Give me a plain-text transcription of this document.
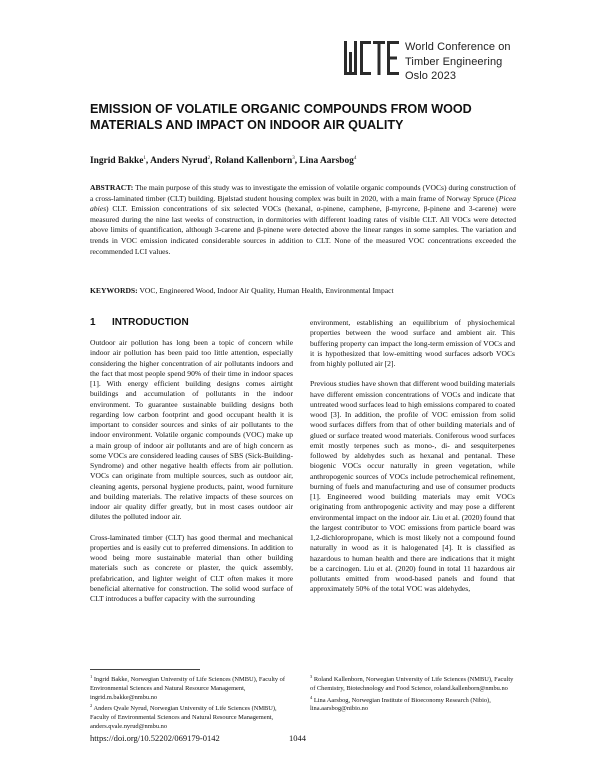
World Conference on
Timber Engineering
Oslo 2023
EMISSION OF VOLATILE ORGANIC COMPOUNDS FROM WOOD MATERIALS AND IMPACT ON INDOOR AIR QUALITY
Ingrid Bakke$^1$, Anders Nyrud$^2$, Roland Kallenborn$^3$, Lina Aarsbog$^4$
ABSTRACT: The main purpose of this study was to investigate the emission of volatile organic compounds (VOCs) during construction of a cross-laminated timber (CLT) building. Bjølstad student housing complex was built in 2020, with a main frame of Norway Spruce (Picea abies) CLT. Emission concentrations of six selected VOCs (hexanal, α-pinene, camphene, β-myrcene, β-pinene and 3-carene) were measured during the nine last weeks of construction, in dormitories with different loading rates of visible CLT. All VOCs were detected above limits of quantification, although 3-carene and β-pinene were detected above the linear ranges in some samples. The variation and trends in VOC emission indicated considerable sources in addition to CLT. None of the measured VOC concentrations exceeded the recommended LCI values.
KEYWORDS: VOC, Engineered Wood, Indoor Air Quality, Human Health, Environmental Impact
1 INTRODUCTION

Outdoor air pollution has long been a topic of concern while indoor air pollution has been paid too little attention, especially considering the higher concentration of air pollutants indoors and the fact that most people spend 90% of their time in indoor spaces [1]. With energy efficient building designs comes airtight buildings and accumulation of pollutants in the indoor environment. To guarantee sustainable building designs both regarding low carbon footprint and good occupant health it is important to consider sources and sinks of air pollutants to the indoor environment. Volatile organic compounds (VOC) make up a main group of indoor air pollutants and are of high concern as some VOCs are considered leading causes of SBS (Sick-Building-Syndrome) and other negative health effects from air pollution. VOCs can originate from multiple sources, such as outdoor air, cleaning agents, personal hygiene products, paint, wood furniture and building materials. The relative impacts of these sources on indoor air quality differ greatly, but in most cases outdoor air dilutes the polluted indoor air.

Cross-laminated timber (CLT) has good thermal and mechanical properties and is easily cut to preferred dimensions. In addition to wood being more sustainable material than other building materials such as concrete or plaster, the quick assembly, prefabrication, and lighter weight of CLT often makes it more beneficial alternative for construction. The solid wood surface of CLT introduces a buffer capacity with the surrounding

environment, establishing an equilibrium of physiochemical properties between the wood surface and ambient air. This buffering property can impact the long-term emission of VOCs and it is hypothesized that low-emitting wood surfaces adsorb VOCs from highly polluted air [2].

Previous studies have shown that different wood building materials have different emission concentrations of VOCs and indicate that untreated wood surfaces lead to high emissions compared to coated wood [3]. In addition, the profile of VOC emission from solid wood surfaces differs from that of other building materials and of glued or surface treated wood materials. Coniferous wood surfaces emit mostly terpenes such as mono-, di- and sesquiterpenes followed by aldehydes such as hexanal and pentanal. These biogenic VOCs occur naturally in green vegetation, while anthropogenic sources of VOCs include petrochemical refinement, burning of fuels and manufacturing and use of consumer products [1]. Engineered wood building materials may emit VOCs originating from anthropogenic activity and may pose a different environmental impact on the indoor air. Liu et al. (2020) found that the largest contributor to VOC emissions from particle board was 1,2-dichloropropane, which is most likely not a compound found naturally in wood as it is halogenated [4]. It is classified as hazardous to human health and there are indications that it might be a carcinogen. Liu et al. (2020) found in total 11 hazardous air pollutants emitted from wood-based panels and found that approximately 50% of the total VOC was aldehydes,

$^1$ Ingrid Bakke, Norwegian University of Life Sciences (NMBU), Faculty of Environmental Sciences and Natural Resource Management, ingrid.m.bakke@nmbu.no

$^2$ Anders Qvale Nyrud, Norwegian University of Life Sciences (NMBU), Faculty of Environmental Sciences and Natural Resource Management, anders.qvale.nyrud@nmbu.no

$^3$ Roland Kallenborn, Norwegian University of Life Sciences (NMBU), Faculty of Chemistry, Biotechnology and Food Science, roland.kallenborn@nmbu.no

$^4$ Lina Aarsbog, Norwegian Institute of Bioeconomy Research (Nibio), lina.aarsbog@nibio.no

https://doi.org/10.52202/069179-0142	1044
